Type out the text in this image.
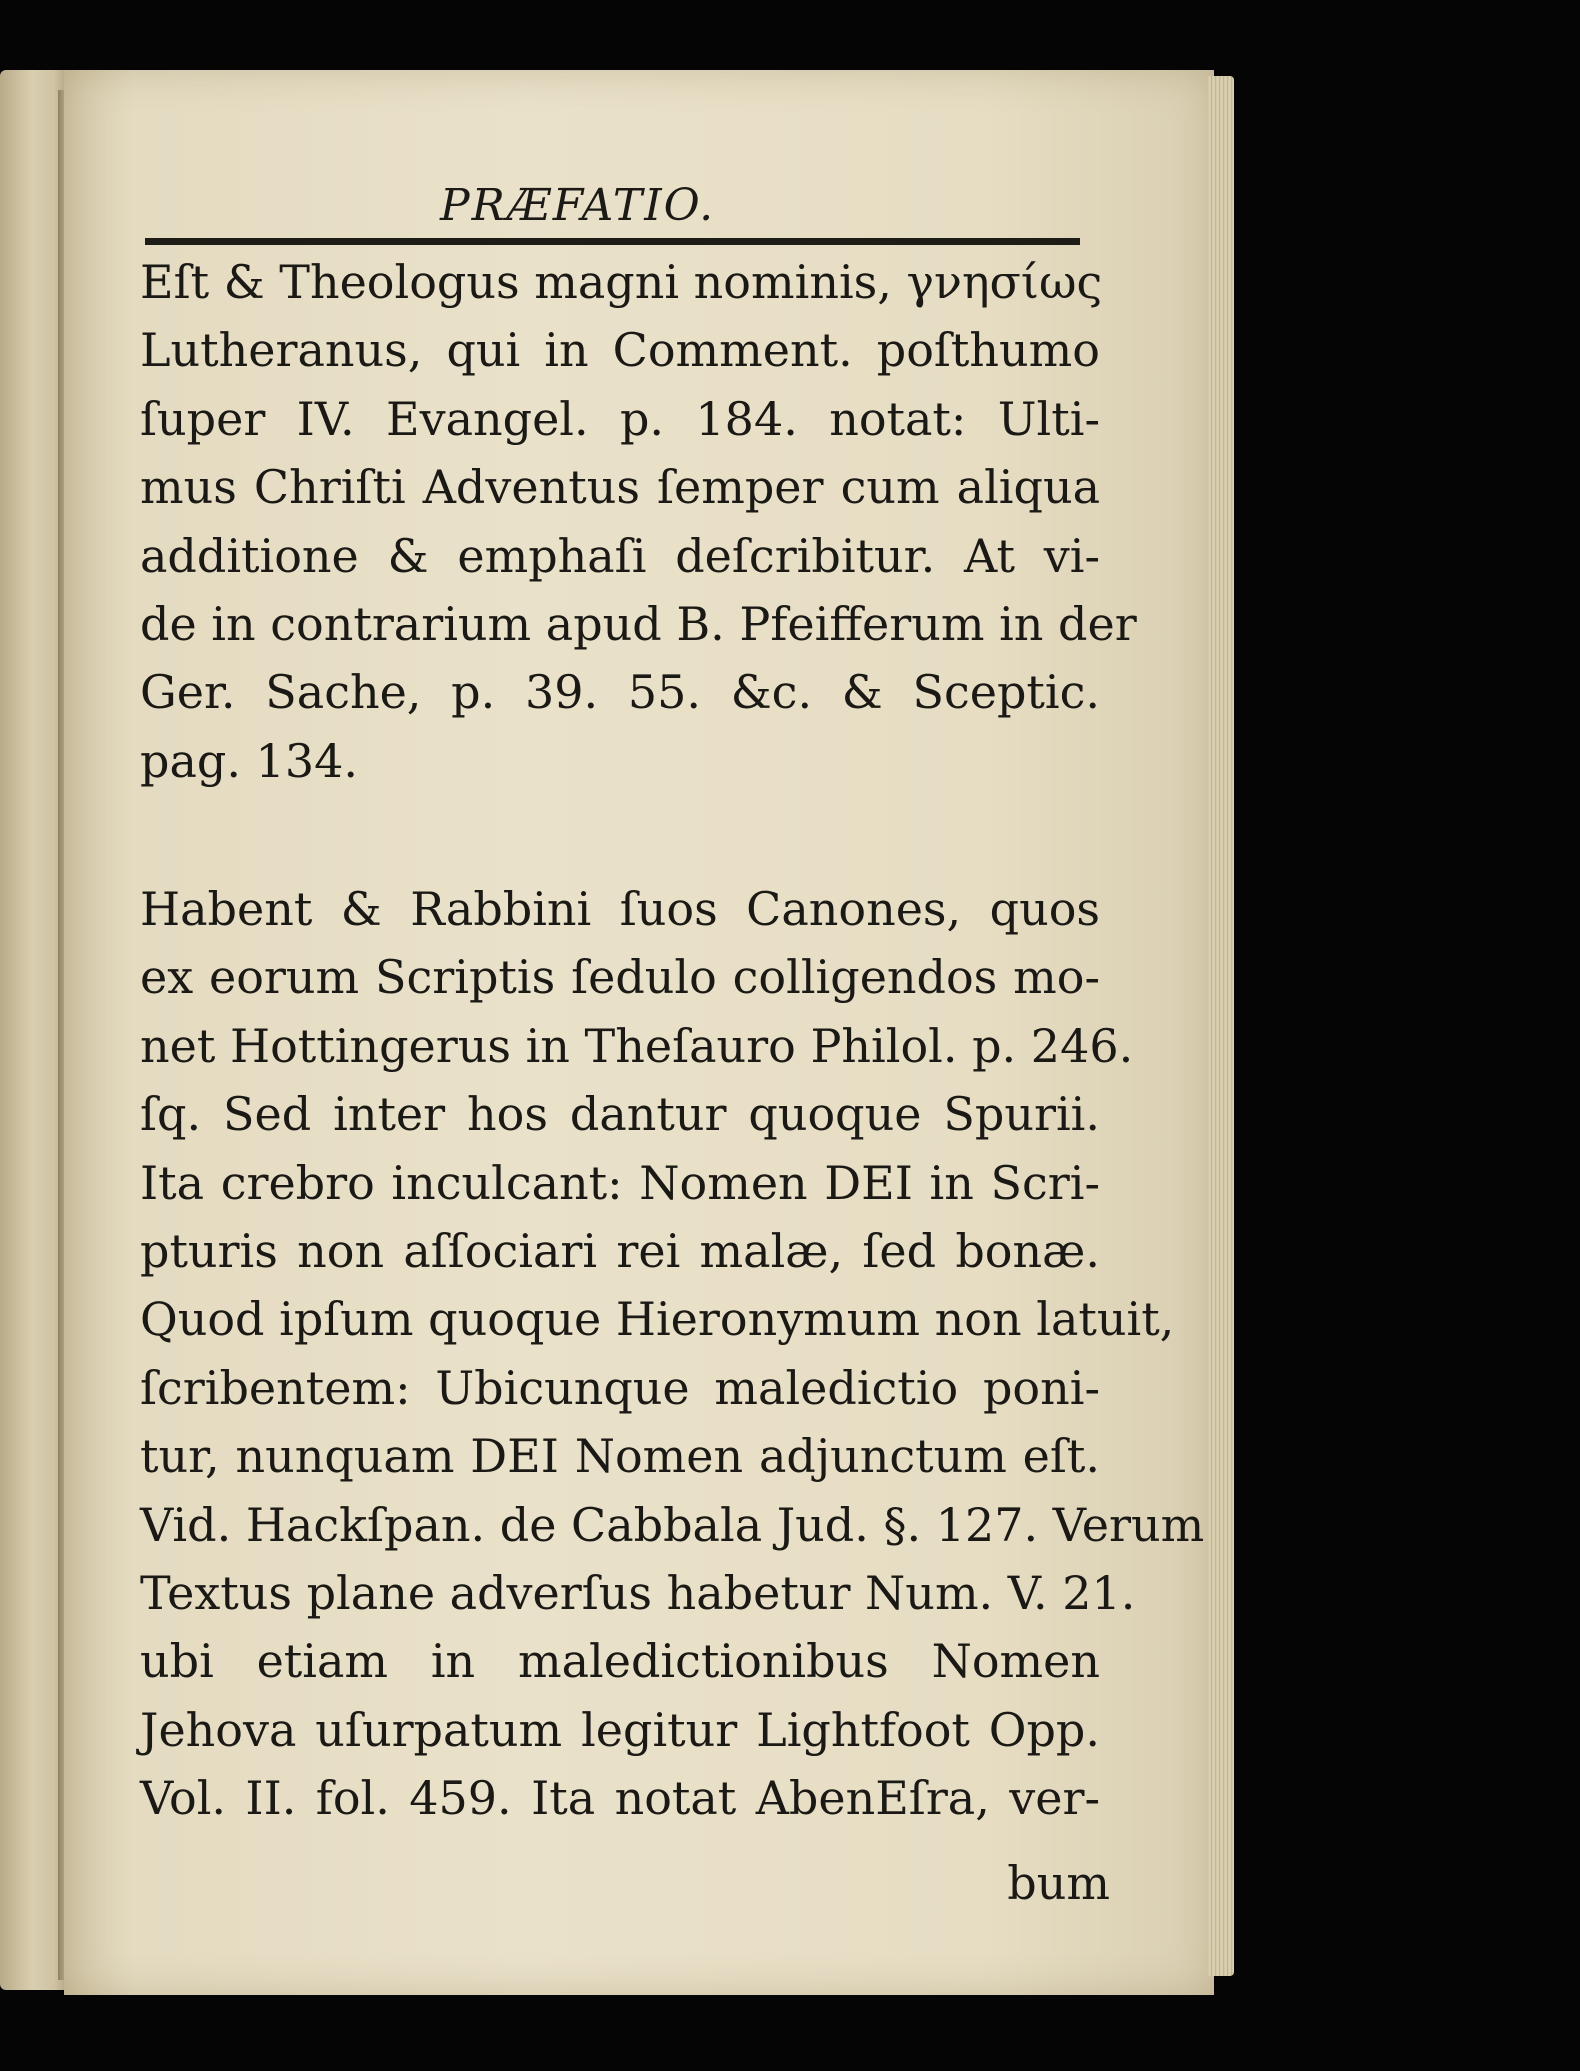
PRÆFATIO.
Eſt & Theologus magni nominis, γνησίως
Lutheranus, qui in Comment. poſthumo
ſuper IV. Evangel. p. 184. notat: Ulti-
mus Chriſti Adventus ſemper cum aliqua
additione & emphaſi deſcribitur. At vi-
de in contrarium apud B. Pfeifferum in der
Ger. Sache, p. 39. 55. &c. & Sceptic.
pag. 134.
Habent & Rabbini ſuos Canones, quos
ex eorum Scriptis ſedulo colligendos mo-
net Hottingerus in Theſauro Philol. p. 246.
ſq. Sed inter hos dantur quoque Spurii.
Ita crebro inculcant: Nomen DEI in Scri-
pturis non aſſociari rei malæ, ſed bonæ.
Quod ipſum quoque Hieronymum non latuit,
ſcribentem: Ubicunque maledictio poni-
tur, nunquam DEI Nomen adjunctum eſt.
Vid. Hackſpan. de Cabbala Jud. §. 127. Verum
Textus plane adverſus habetur Num. V. 21.
ubi etiam in maledictionibus Nomen
Jehova uſurpatum legitur Lightfoot Opp.
Vol. II. fol. 459. Ita notat AbenEſra, ver-
bum
